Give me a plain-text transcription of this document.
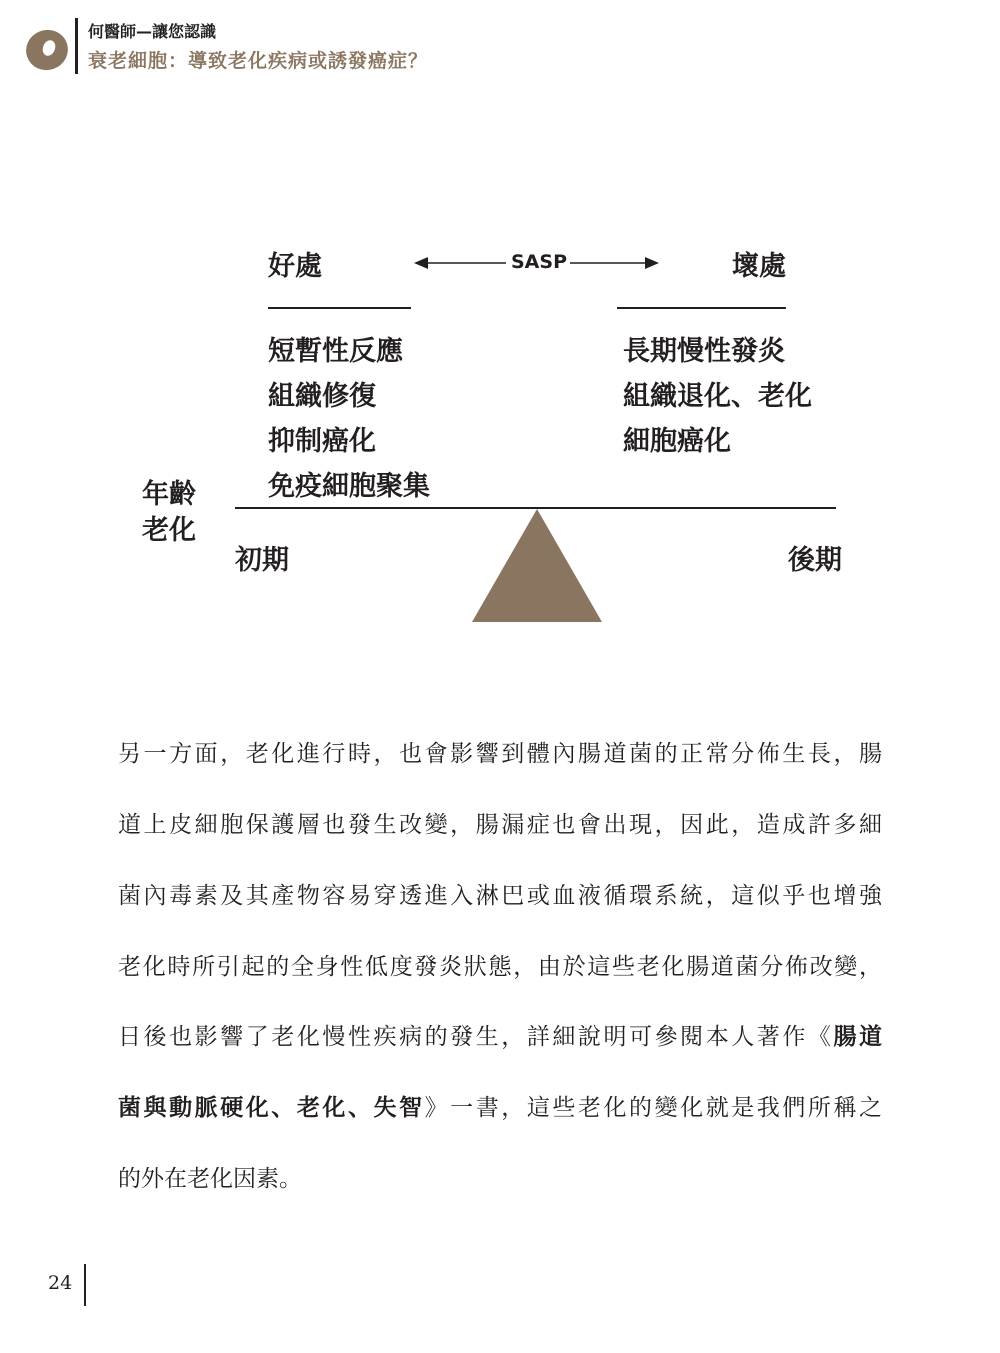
何醫師—讓您認識
衰老細胞：導致老化疾病或誘發癌症？
好處	壞處
SASP
短暫性反應
組織修復
抑制癌化
免疫細胞聚集
長期慢性發炎
組織退化、老化
細胞癌化
年齡
老化
初期	後期
另一方面，老化進行時，也會影響到體內腸道菌的正常分佈生長，腸
道上皮細胞保護層也發生改變，腸漏症也會出現，因此，造成許多細
菌內毒素及其產物容易穿透進入淋巴或血液循環系統，這似乎也增強
老化時所引起的全身性低度發炎狀態，由於這些老化腸道菌分佈改變，
日後也影響了老化慢性疾病的發生，詳細說明可參閱本人著作《腸道
菌與動脈硬化、老化、失智》一書，這些老化的變化就是我們所稱之
的外在老化因素。
24
